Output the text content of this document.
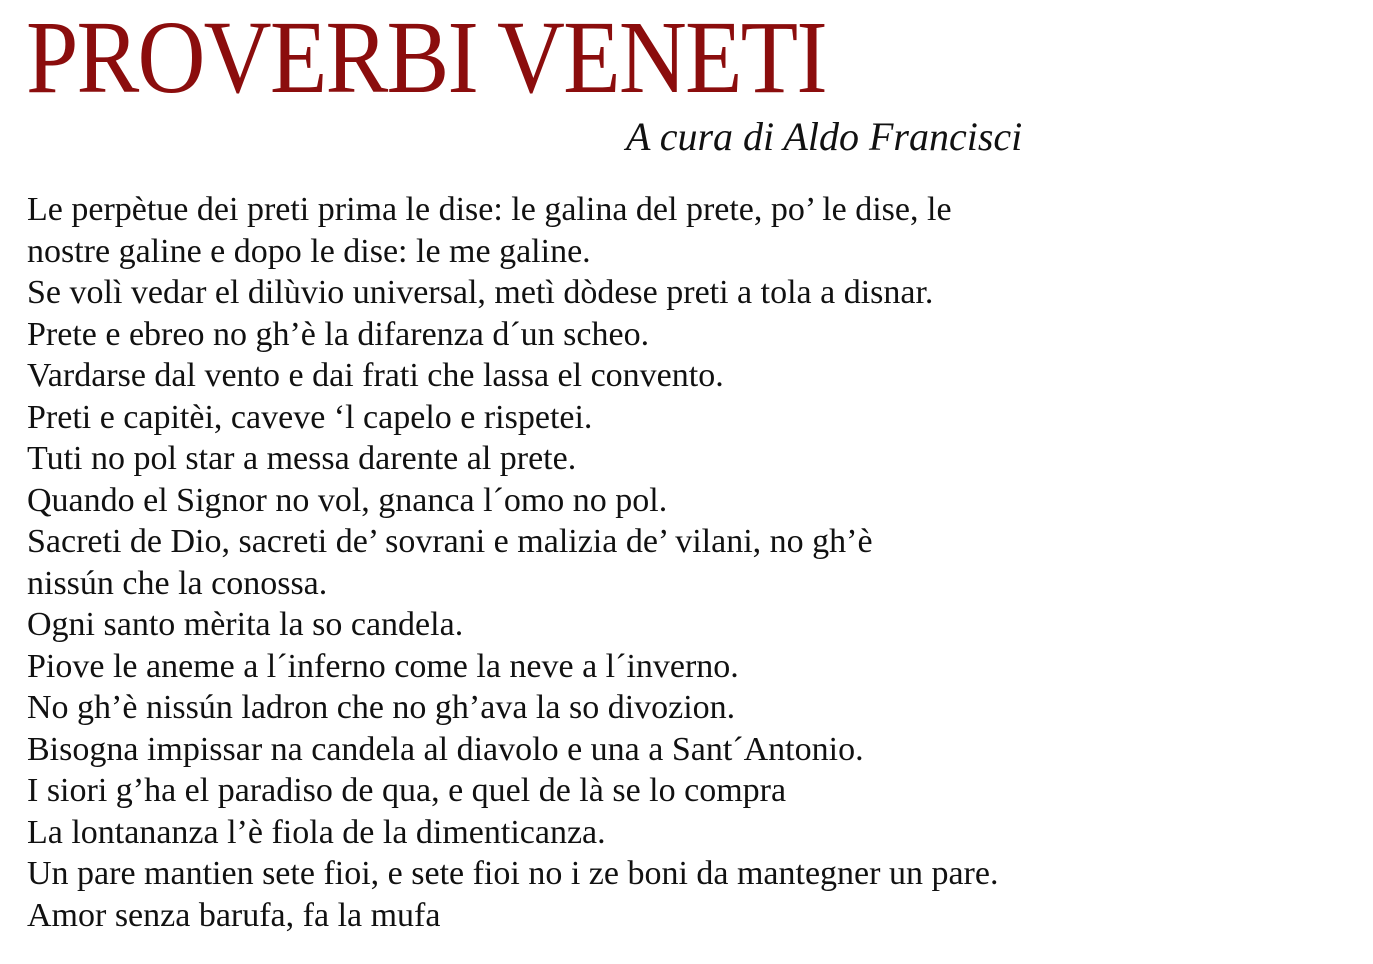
PROVERBI VENETI
A cura di Aldo Francisci
Le perpètue dei preti prima le dise: le galina del prete, po’ le dise, le
nostre galine e dopo le dise: le me galine.
Se volì vedar el dilùvio universal, metì dòdese preti a tola a disnar.
Prete e ebreo no gh’è la difarenza d´un scheo.
Vardarse dal vento e dai frati che lassa el convento.
Preti e capitèi, caveve ‘l capelo e rispetei.
Tuti no pol star a messa darente al prete.
Quando el Signor no vol, gnanca l´omo no pol.
Sacreti de Dio, sacreti de’ sovrani e malizia de’ vilani, no gh’è
nissún che la conossa.
Ogni santo mèrita la so candela.
Piove le aneme a l´inferno come la neve a l´inverno.
No gh’è nissún ladron che no gh’ava la so divozion.
Bisogna impissar na candela al diavolo e una a Sant´Antonio.
I siori g’ha el paradiso de qua, e quel de là se lo compra
La lontananza l’è fiola de la dimenticanza.
Un pare mantien sete fioi, e sete fioi no i ze boni da mantegner un pare.
Amor senza barufa, fa la mufa
